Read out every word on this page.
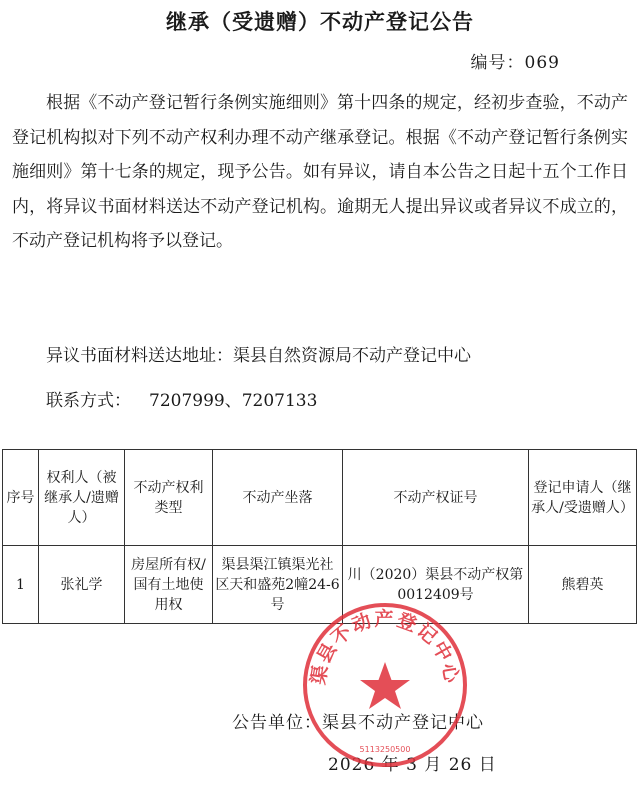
继承（受遗赠）不动产登记公告
编号：069

根据《不动产登记暂行条例实施细则》第十四条的规定，经初步查验，不动产登记机构拟对下列不动产权利办理不动产继承登记。根据《不动产登记暂行条例实施细则》第十七条的规定，现予公告。如有异议，请自本公告之日起十五个工作日内，将异议书面材料送达不动产登记机构。逾期无人提出异议或者异议不成立的，不动产登记机构将予以登记。

异议书面材料送达地址：渠县自然资源局不动产登记中心
联系方式： 7207999、7207133
序号	权利人（被继承人/遗赠人）	不动产权利类型	不动产坐落	不动产权证号	登记申请人（继承人/受遗赠人）
1	张礼学	房屋所有权/国有土地使用权	渠县渠江镇渠光社区天和盛苑2幢24-6号	川（2020）渠县不动产权第0012409号	熊碧英
公告单位：渠县不动产登记中心
2026 年 3 月 26 日
渠县不动产登记中心
5113250500
